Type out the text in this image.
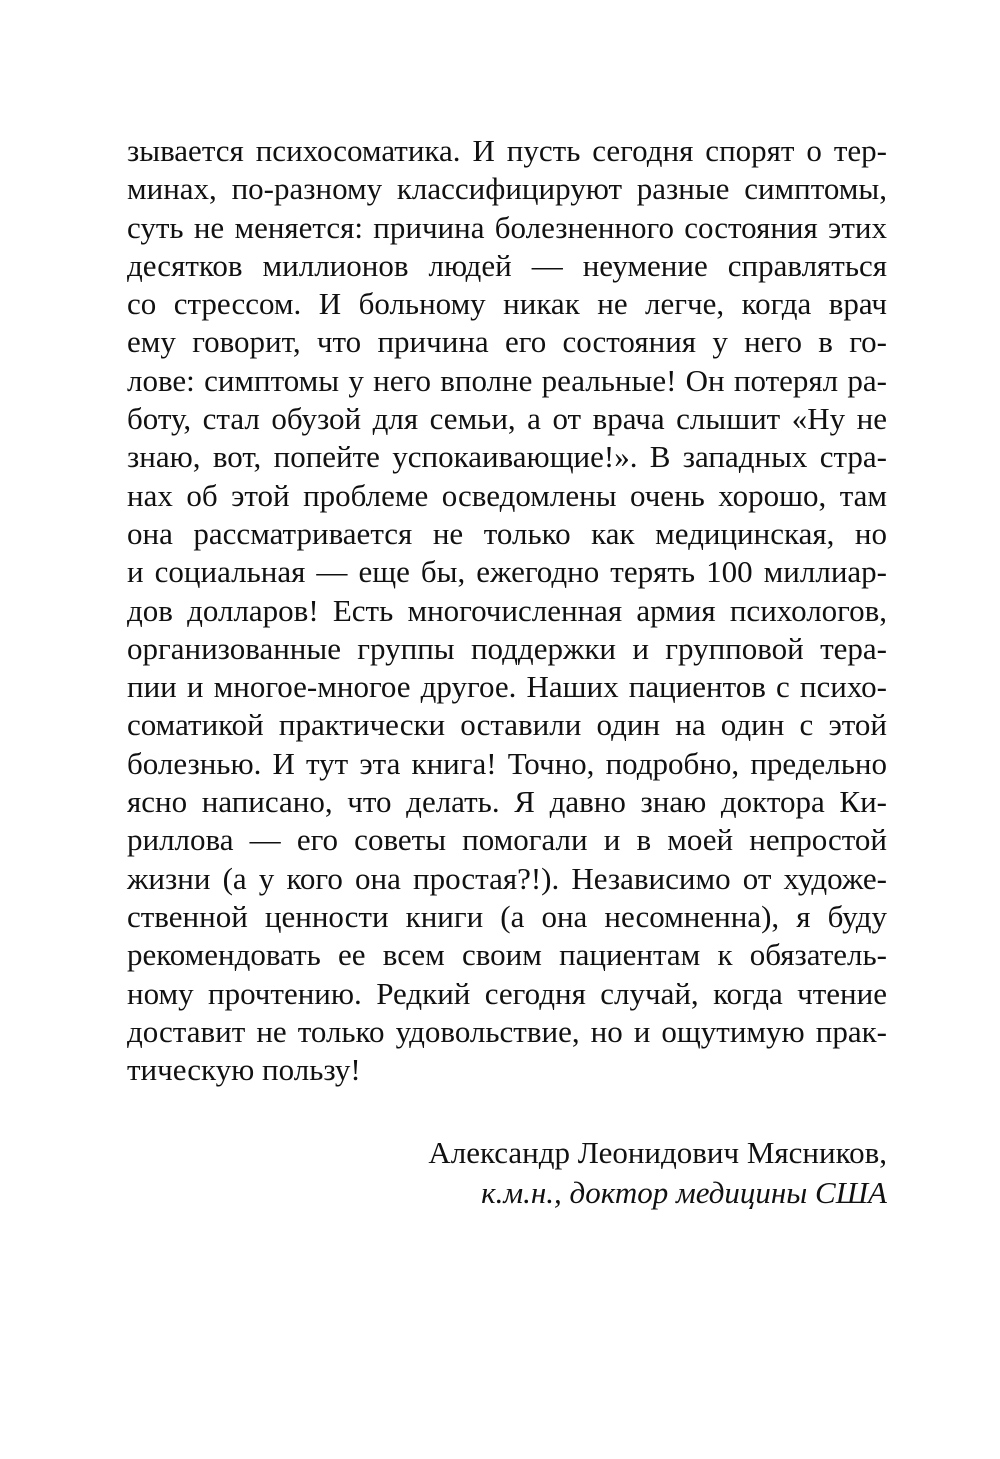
зывается психосоматика. И пусть сегодня спорят о тер-
минах, по-разному классифицируют разные симптомы,
суть не меняется: причина болезненного состояния этих
десятков миллионов людей — неумение справляться
со стрессом. И больному никак не легче, когда врач
ему говорит, что причина его состояния у него в го-
лове: симптомы у него вполне реальные! Он потерял ра-
боту, стал обузой для семьи, а от врача слышит «Ну не
знаю, вот, попейте успокаивающие!». В западных стра-
нах об этой проблеме осведомлены очень хорошо, там
она рассматривается не только как медицинская, но
и социальная — еще бы, ежегодно терять 100 миллиар-
дов долларов! Есть многочисленная армия психологов,
организованные группы поддержки и групповой тера-
пии и многое-многое другое. Наших пациентов с психо-
соматикой практически оставили один на один с этой
болезнью. И тут эта книга! Точно, подробно, предельно
ясно написано, что делать. Я давно знаю доктора Ки-
риллова — его советы помогали и в моей непростой
жизни (а у кого она простая?!). Независимо от художе-
ственной ценности книги (а она несомненна), я буду
рекомендовать ее всем своим пациентам к обязатель-
ному прочтению. Редкий сегодня случай, когда чтение
доставит не только удовольствие, но и ощутимую прак-
тическую пользу!
Александр Леонидович Мясников,
к.м.н., доктор медицины США
